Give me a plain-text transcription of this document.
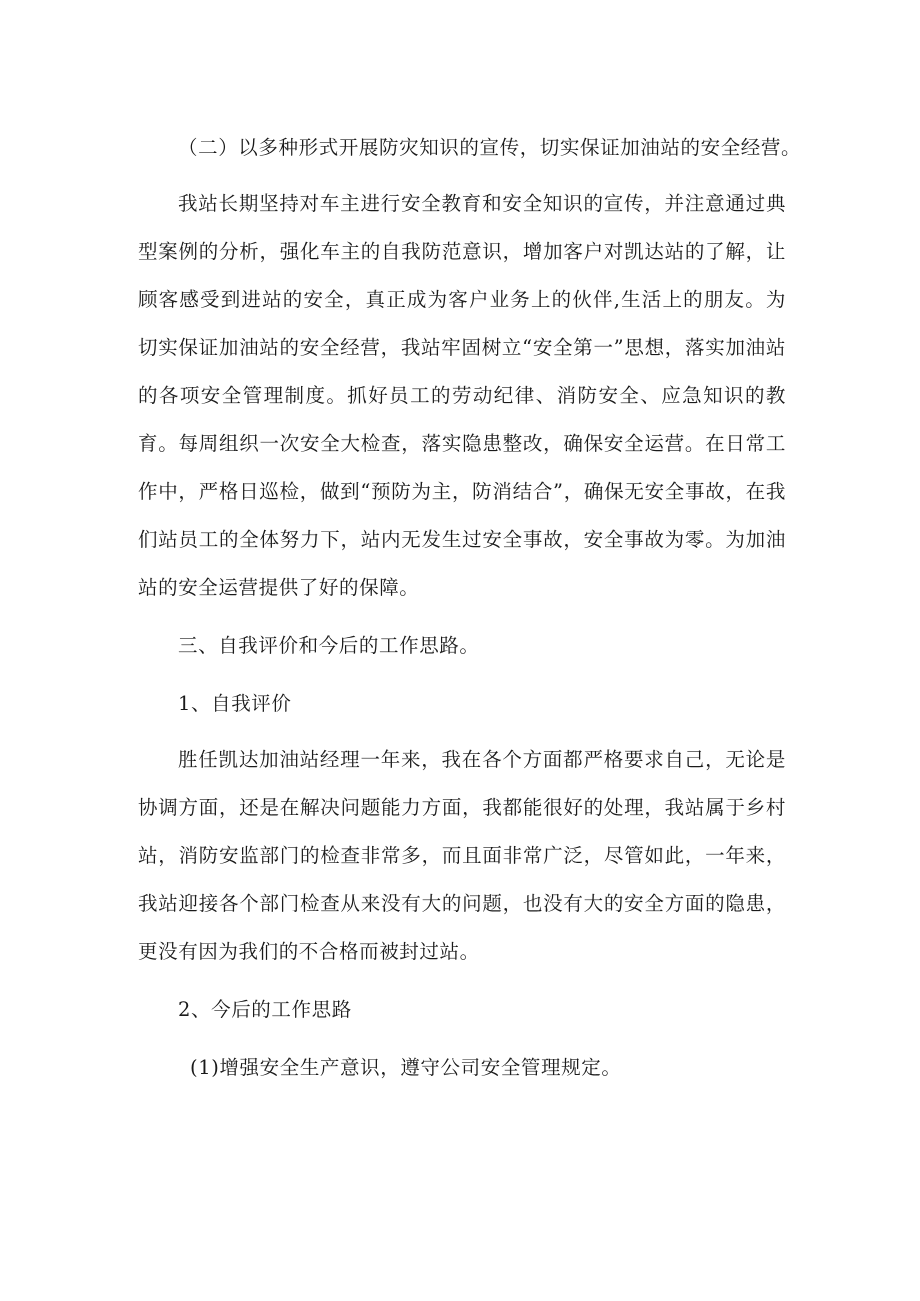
（二）以多种形式开展防灾知识的宣传，切实保证加油站的安全经营。

我站长期坚持对车主进行安全教育和安全知识的宣传，并注意通过典型案例的分析，强化车主的自我防范意识，增加客户对凯达站的了解，让顾客感受到进站的安全，真正成为客户业务上的伙伴,生活上的朋友。为切实保证加油站的安全经营，我站牢固树立“安全第一”思想，落实加油站的各项安全管理制度。抓好员工的劳动纪律、消防安全、应急知识的教育。每周组织一次安全大检查，落实隐患整改，确保安全运营。在日常工作中，严格日巡检，做到“预防为主，防消结合”，确保无安全事故，在我们站员工的全体努力下，站内无发生过安全事故，安全事故为零。为加油站的安全运营提供了好的保障。

三、自我评价和今后的工作思路。

1、自我评价

胜任凯达加油站经理一年来，我在各个方面都严格要求自己，无论是协调方面，还是在解决问题能力方面，我都能很好的处理，我站属于乡村站，消防安监部门的检查非常多，而且面非常广泛，尽管如此，一年来，我站迎接各个部门检查从来没有大的问题，也没有大的安全方面的隐患，更没有因为我们的不合格而被封过站。

2、今后的工作思路

(1)增强安全生产意识，遵守公司安全管理规定。
